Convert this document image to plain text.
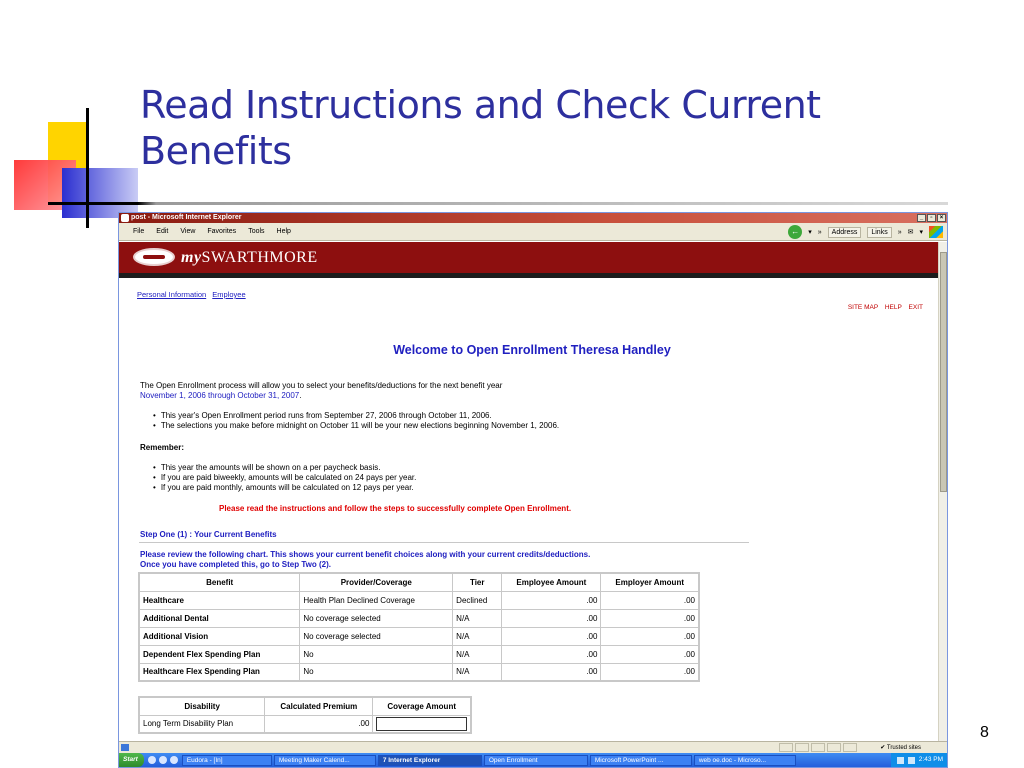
Read Instructions and Check Current Benefits
8
post - Microsoft Internet Explorer	_	▫	×
File	Edit	View	Favorites	Tools	Help	←	▾ »	Address	Links	» ✉ ▾
mySWARTHMORE
Personal Information Employee
SITE MAP HELP EXIT
Welcome to Open Enrollment Theresa Handley
The Open Enrollment process will allow you to select your benefits/deductions for the next benefit year
November 1, 2006 through October 31, 2007.
• This year's Open Enrollment period runs from September 27, 2006 through October 11, 2006.
• The selections you make before midnight on October 11 will be your new elections beginning November 1, 2006.
Remember:
• This year the amounts will be shown on a per paycheck basis.
• If you are paid biweekly, amounts will be calculated on 24 pays per year.
• If you are paid monthly, amounts will be calculated on 12 pays per year.
Please read the instructions and follow the steps to successfully complete Open Enrollment.
Step One (1) : Your Current Benefits
Please review the following chart. This shows your current benefit choices along with your current credits/deductions.
Once you have completed this, go to Step Two (2).
Benefit	Provider/Coverage	Tier	Employee Amount	Employer Amount
Healthcare	Health Plan Declined Coverage	Declined	.00	.00
Additional Dental	No coverage selected	N/A	.00	.00
Additional Vision	No coverage selected	N/A	.00	.00
Dependent Flex Spending Plan	No	N/A	.00	.00
Healthcare Flex Spending Plan	No	N/A	.00	.00
Disability	Calculated Premium	Coverage Amount
Long Term Disability Plan	.00	
✔ Trusted sites
Start	Eudora - [In]	Meeting Maker Calend...	7 Internet Explorer	Open Enrollment	Microsoft PowerPoint ...	web oe.doc - Microso...	2:43 PM
